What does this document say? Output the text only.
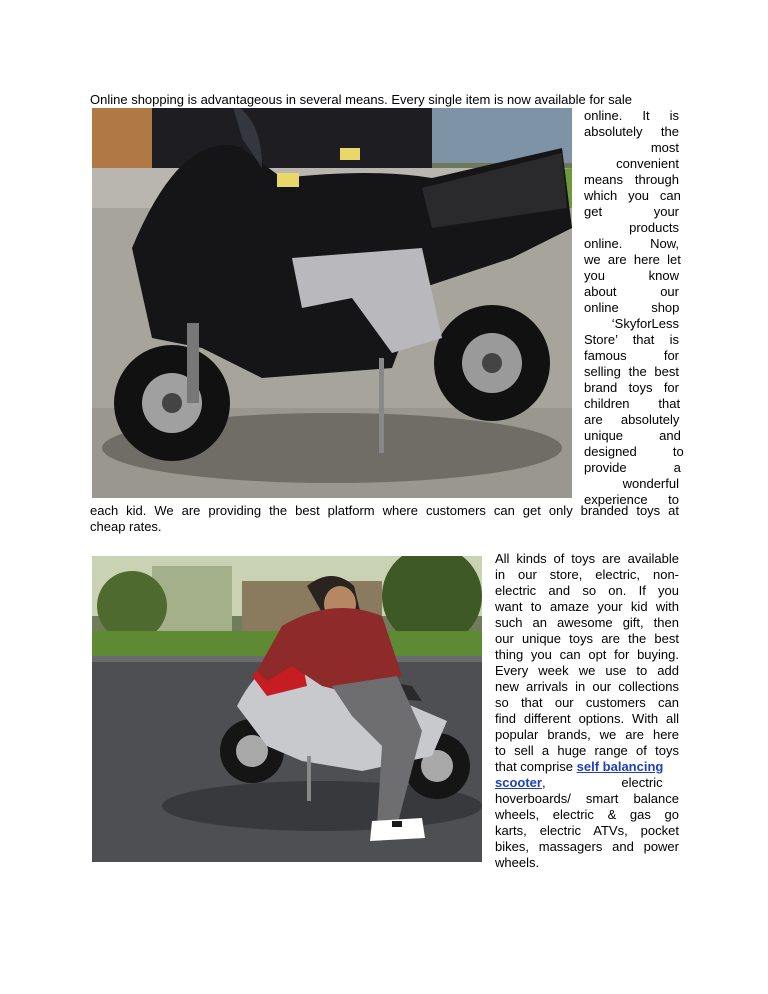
Online shopping is advantageous in several means. Every single item is now available for sale
online.   It   is
absolutely    the
most
convenient
means   through
which   you   can
get            your
products
online.     Now,
we  are  here  let
you          know
about            our
online         shop
‘SkyforLess
Store’   that   is
famous          for
selling  the  best
brand   toys   for
children        that
are     absolutely
unique          and
designed          to
provide             a
wonderful
experience     to
each kid. We are providing the best platform where customers can get only branded toys at
cheap rates.
All kinds of toys are available
in  our  store,  electric,  non-
electric  and  so  on.  If  you
want to amaze your kid with
such  an  awesome  gift,  then
our  unique  toys  are  the  best
thing you can opt for buying.
Every  week  we  use  to  add
new arrivals in our collections
so  that  our  customers  can
find different options. With all
popular brands, we are here
to  sell  a  huge  range  of  toys
that comprise self balancing
scooter,                     electric
hoverboards/  smart  balance
wheels,  electric  &  gas  go
karts,  electric  ATVs,  pocket
bikes,  massagers  and  power
wheels.
